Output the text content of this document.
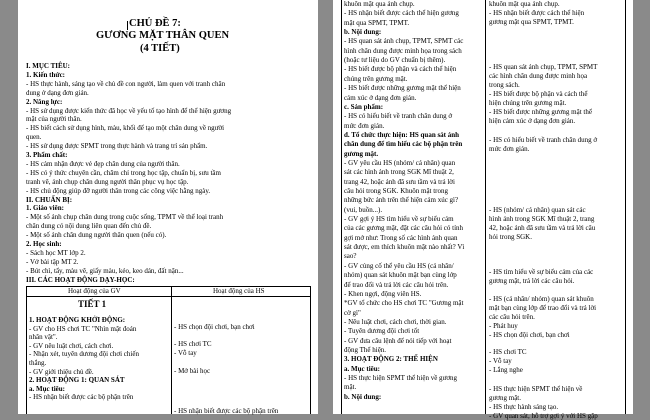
CHỦ ĐỀ 7:
GƯƠNG MẶT THÂN QUEN
(4 TIẾT)
I. MỤC TIÊU:
1. Kiến thức:
- HS thực hành, sáng tạo về chủ đề con người, làm quen với tranh chân
dung ở dạng đơn giản.
2. Năng lực:
- HS sử dụng được kiến thức đã học về yếu tố tạo hình để thể hiện gương
mặt của người thân.
- HS biết cách sử dụng hình, màu, khối để tạo một chân dung về người
quen.
- HS sử dụng được SPMT trong thực hành và trang trí sản phẩm.
3. Phẩm chất:
- HS cảm nhận được vẻ đẹp chân dung của người thân.
- HS có ý thức chuyên cần, chăm chỉ trong học tập, chuẩn bị, sưu tầm
tranh vẽ, ảnh chụp chân dung người thân phục vụ học tập.
- HS chủ động giúp đỡ người thân trong các công việc hằng ngày.
II. CHUẨN BỊ:
1. Giáo viên:
- Một số ảnh chụp chân dung trong cuộc sống, TPMT về thể loại tranh
chân dung có nội dung liên quan đến chủ đề.
- Một số ảnh chân dung người thân quen (nếu có).
2. Học sinh:
- Sách học MT lớp 2.
- Vở bài tập MT 2.
- Bút chì, tẩy, màu vẽ, giấy màu, kéo, keo dán, đất nặn...
III. CÁC HOẠT ĐỘNG DẠY-HỌC:
Hoạt động của GV	Hoạt động của HS
TIẾT 1
1. HOẠT ĐỘNG KHỞI ĐỘNG:
- GV cho HS chơi TC "Nhìn mặt đoán
nhân vật".
- GV nêu luật chơi, cách chơi.
- Nhận xét, tuyên dương đội chơi chiến
thắng.
- GV giới thiệu chủ đề.
2. HOẠT ĐỘNG 1: QUAN SÁT
a. Mục tiêu:
- HS nhận biết được các bộ phận trên
- HS chọn đội chơi, bạn chơi
- HS chơi TC
- Vỗ tay
- Mở bài học
- HS nhận biết được các bộ phận trên
khuôn mặt qua ảnh chụp.
- HS nhận biết được cách thể hiện gương
mặt qua SPMT, TPMT.
b. Nội dung:
- HS quan sát ảnh chụp, TPMT, SPMT các
hình chân dung được minh họa trong sách
(hoặc tư liệu do GV chuẩn bị thêm).
- HS biết được bộ phận và cách thể hiện
chúng trên gương mặt.
- HS biết được những gương mặt thể hiện
cảm xúc ở dạng đơn giản.
c. Sản phẩm:
- HS có hiểu biết về tranh chân dung ở
mức đơn giản.
d. Tổ chức thực hiện: HS quan sát ảnh
chân dung để tìm hiểu các bộ phận trên
gương mặt.
- GV yêu cầu HS (nhóm/ cá nhân) quan
sát các hình ảnh trong SGK Mĩ thuật 2,
trang 42, hoặc ảnh đã sưu tầm và trả lời
câu hỏi trong SGK. Khuôn mặt trong
những bức ảnh trên thể hiện cảm xúc gì?
(vui, buồn...).
- GV gợi ý HS tìm hiểu về sự biểu cảm
của các gương mặt, đặt các câu hỏi có tính
gợi mở như: Trong số các hình ảnh quan
sát được, em thích khuôn mặt nào nhất? Vì
sao?
- GV củng cố thể yêu cầu HS (cá nhân/
nhóm) quan sát khuôn mặt bạn cùng lớp
để trao đổi và trả lời các câu hỏi trên.
- Khen ngợi, động viên HS.
*GV tổ chức cho HS chơi TC "Gương mặt
cờ gì"
- Nêu luật chơi, cách chơi, thời gian.
- Tuyên dương đội chơi tốt
- GV đưa câu lệnh để nói tiếp với hoạt
động Thể hiện.
3. HOẠT ĐỘNG 2: THỂ HIỆN
a. Mục tiêu:
- HS thực hiện SPMT thể hiện về gương
mặt.
b. Nội dung:
khuôn mặt qua ảnh chụp.
- HS nhận biết được cách thể hiện
gương mặt qua SPMT, TPMT.
- HS quan sát ảnh chụp, TPMT, SPMT
các hình chân dung được minh họa
trong sách.
- HS biết được bộ phận và cách thể
hiện chúng trên gương mặt.
- HS biết được những gương mặt thể
hiện cảm xúc ở dạng đơn giản.
- HS có hiểu biết về tranh chân dung ở
mức đơn giản.
- HS (nhóm/ cá nhân) quan sát các
hình ảnh trong SGK Mĩ thuật 2, trang
42, hoặc ảnh đã sưu tầm và trả lời câu
hỏi trong SGK.
- HS tìm hiểu về sự biểu cảm của các
gương mặt, trả lời các câu hỏi.
- HS (cá nhân/ nhóm) quan sát khuôn
mặt bạn cùng lớp để trao đổi và trả lời
các câu hỏi trên.
- Phát huy
- HS chọn đội chơi, bạn chơi
- HS chơi TC
- Vỗ tay
- Lắng nghe
- HS thực hiện SPMT thể hiện về
gương mặt.
- HS thực hành sáng tạo.
- GV quan sát, hỗ trợ gợi ý với HS gặp
